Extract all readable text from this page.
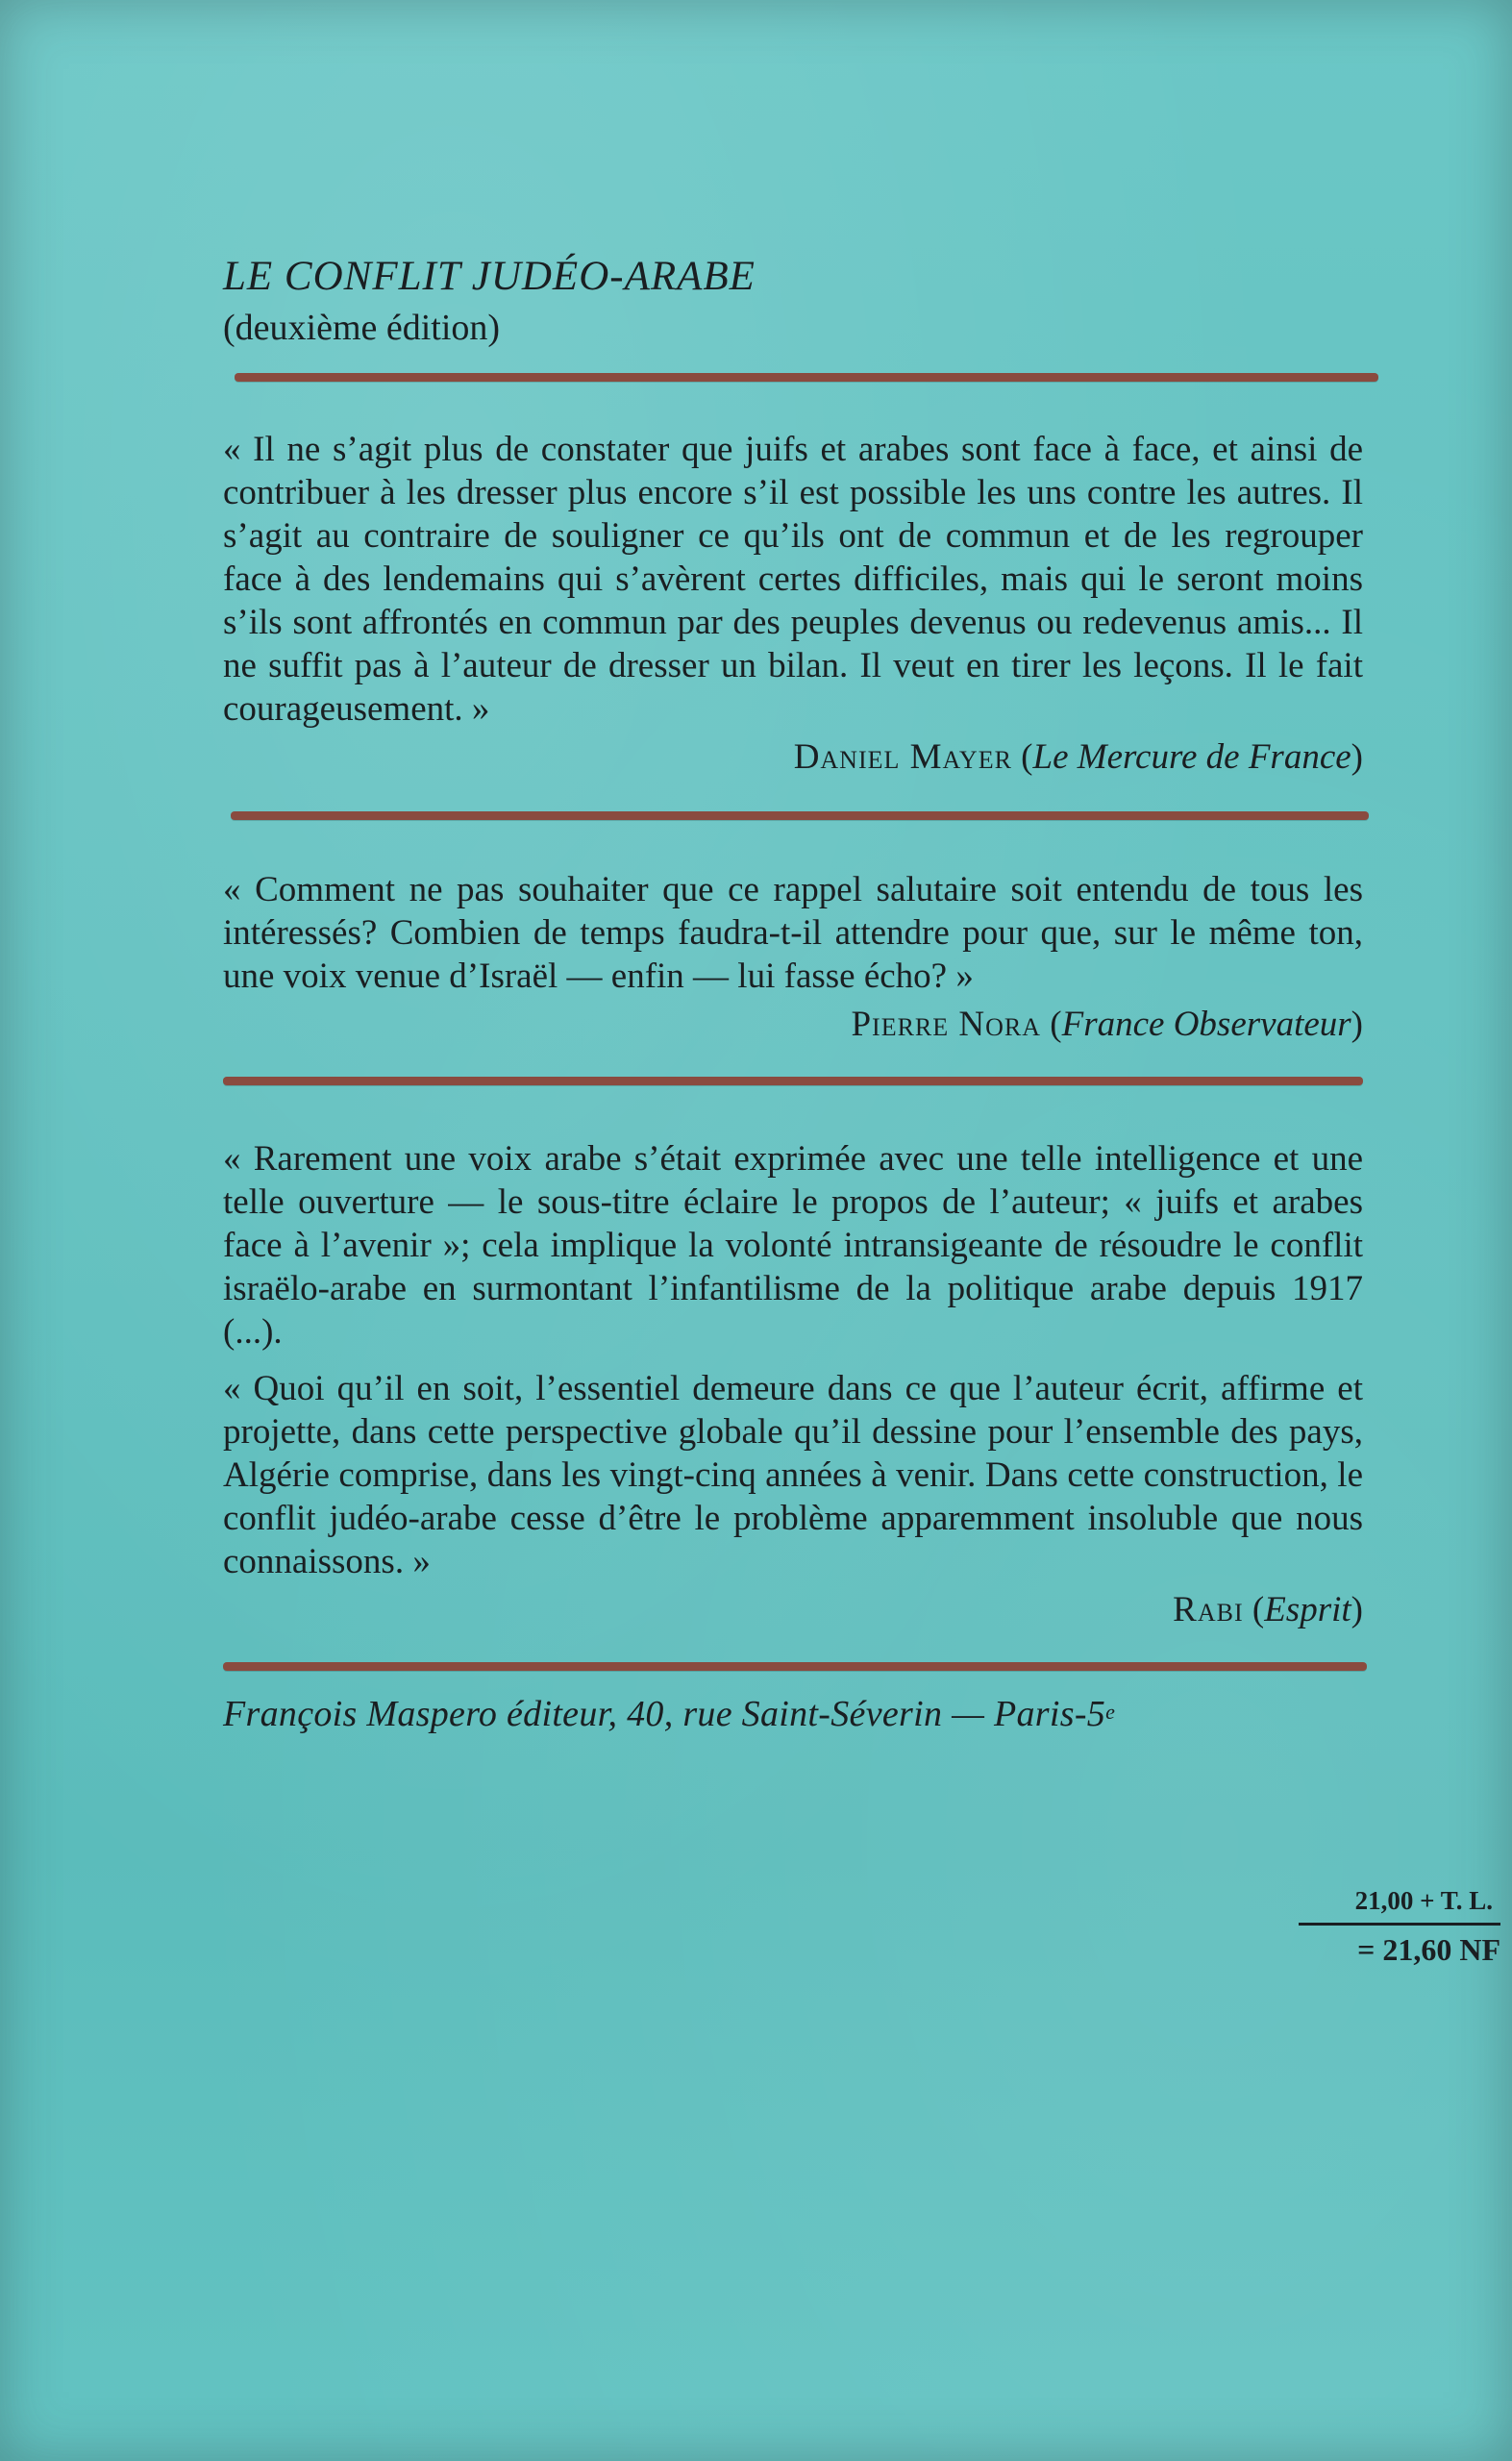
LE CONFLIT JUDÉO-ARABE
(deuxième édition)

« Il ne s’agit plus de constater que juifs et arabes sont face à face, et ainsi de contribuer à les dresser plus encore s’il est possible les uns contre les autres. Il s’agit au contraire de souligner ce qu’ils ont de commun et de les regrouper face à des lendemains qui s’avèrent certes difficiles, mais qui le seront moins s’ils sont affrontés en commun par des peuples devenus ou redevenus amis... Il ne suffit pas à l’auteur de dresser un bilan. Il veut en tirer les leçons. Il le fait courageusement. »

Daniel Mayer (Le Mercure de France)

« Comment ne pas souhaiter que ce rappel salutaire soit entendu de tous les intéressés? Combien de temps faudra-t-il attendre pour que, sur le même ton, une voix venue d’Israël — enfin — lui fasse écho? »

Pierre Nora (France Observateur)

« Rarement une voix arabe s’était exprimée avec une telle intelligence et une telle ouverture — le sous-titre éclaire le propos de l’auteur; « juifs et arabes face à l’avenir »; cela implique la volonté intransigeante de résoudre le conflit israëlo-arabe en surmontant l’infantilisme de la politique arabe depuis 1917 (...).

« Quoi qu’il en soit, l’essentiel demeure dans ce que l’auteur écrit, affirme et projette, dans cette perspective globale qu’il dessine pour l’ensemble des pays, Algérie comprise, dans les vingt-cinq années à venir. Dans cette construction, le conflit judéo-arabe cesse d’être le problème apparemment insoluble que nous connaissons. »

Rabi (Esprit)
François Maspero éditeur, 40, rue Saint-Séverin — Paris-5e
21,00 + T. L.
= 21,60 NF
